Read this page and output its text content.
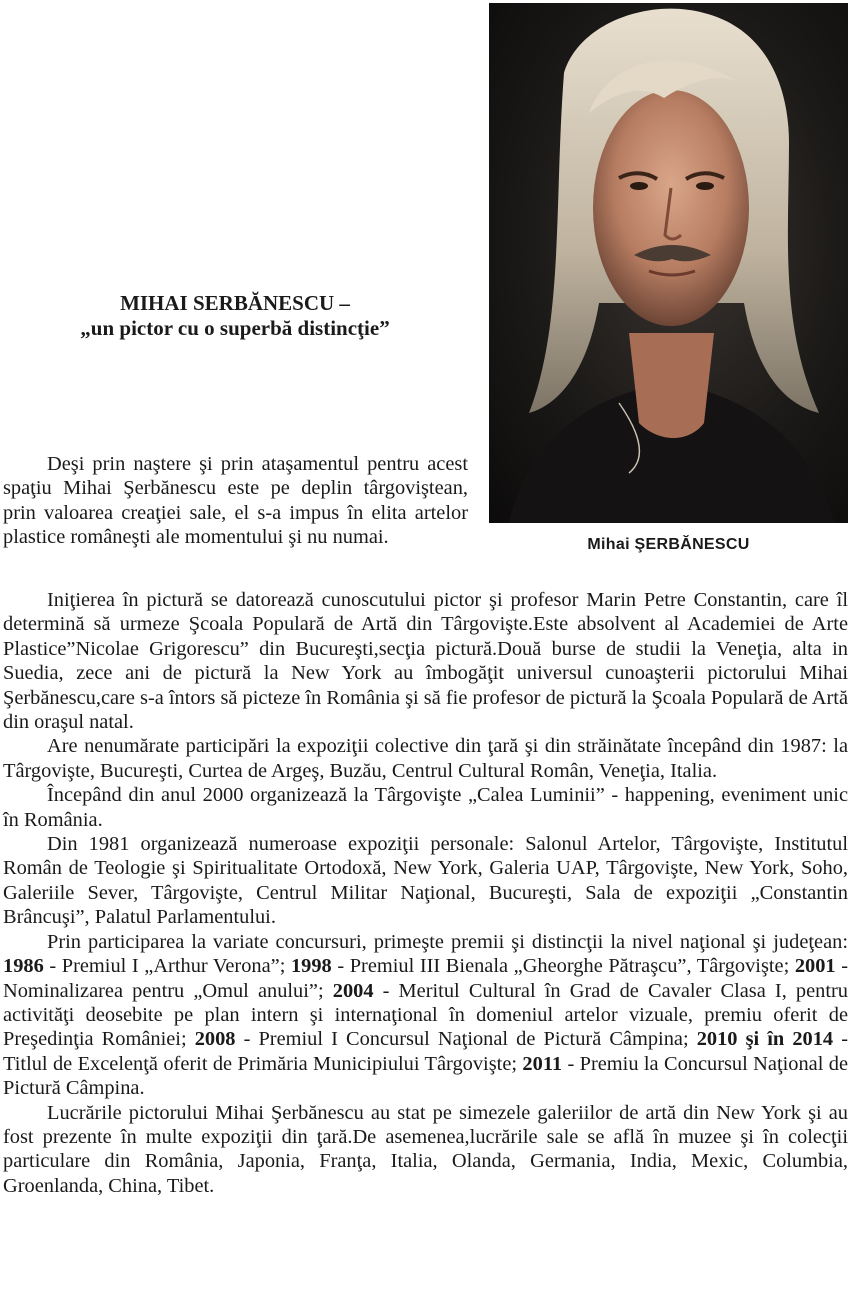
MIHAI SERBĂNESCU –
„un pictor cu o superbă distincţie”

Mihai ŞERBĂNESCU

Deşi prin naştere şi prin ataşamentul pentru acest spaţiu Mihai Şerbănescu este pe deplin târgoviştean, prin valoarea creaţiei sale, el s-a impus în elita artelor plastice româneşti ale momentului şi nu numai.

Iniţierea în pictură se datorează cunoscutului pictor şi profesor Marin Petre Constantin, care îl determină să urmeze Şcoala Populară de Artă din Târgovişte.Este absolvent al Academiei de Arte Plastice”Nicolae Grigorescu” din Bucureşti,secţia pictură.Două burse de studii la Veneţia, alta in Suedia, zece ani de pictură la New York au îmbogăţit universul cunoaşterii pictorului Mihai Şerbănescu,care s-a întors să picteze în România şi să fie profesor de pictură la Şcoala Populară de Artă din oraşul natal.

Are nenumărate participări la expoziţii colective din ţară şi din străinătate începând din 1987: la Târgovişte, Bucureşti, Curtea de Argeş, Buzău, Centrul Cultural Român, Veneţia, Italia.

Începând din anul 2000 organizează la Târgovişte „Calea Luminii” - happening, eveniment unic în România.

Din 1981 organizează numeroase expoziţii personale: Salonul Artelor, Târgovişte, Institutul Român de Teologie şi Spiritualitate Ortodoxă, New York, Galeria UAP, Târgovişte, New York, Soho, Galeriile Sever, Târgovişte, Centrul Militar Naţional, Bucureşti, Sala de expoziţii „Constantin Brâncuşi”, Palatul Parlamentului.

Prin participarea la variate concursuri, primeşte premii şi distincţii la nivel naţional şi judeţean: 1986 - Premiul I „Arthur Verona”; 1998 - Premiul III Bienala „Gheorghe Pătraşcu”, Târgovişte; 2001 - Nominalizarea pentru „Omul anului”; 2004 - Meritul Cultural în Grad de Cavaler Clasa I, pentru activităţi deosebite pe plan intern şi internaţional în domeniul artelor vizuale, premiu oferit de Preşedinţia României; 2008 - Premiul I Concursul Naţional de Pictură Câmpina; 2010 şi în 2014 - Titlul de Excelenţă oferit de Primăria Municipiului Târgovişte; 2011 - Premiu la Concursul Naţional de Pictură Câmpina.

Lucrările pictorului Mihai Şerbănescu au stat pe simezele galeriilor de artă din New York şi au fost prezente în multe expoziţii din ţară.De asemenea,lucrările sale se află în muzee şi în colecţii particulare din România, Japonia, Franţa, Italia, Olanda, Germania, India, Mexic, Columbia, Groenlanda, China, Tibet.
